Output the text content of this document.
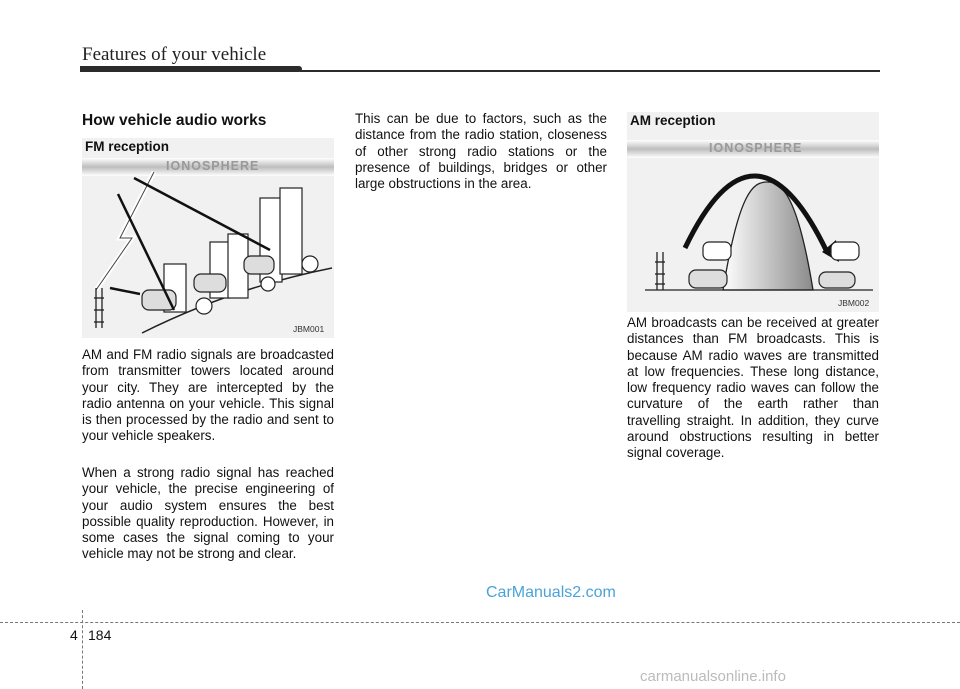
Features of your vehicle
How vehicle audio works
IONOSPHERE
FM reception
JBM001
IONOSPHERE
AM reception
JBM002

AM and FM radio signals are broadcasted from transmitter towers located around your city. They are intercepted by the radio antenna on your vehicle. This signal is then processed by the radio and sent to your vehicle speakers.

When a strong radio signal has reached your vehicle, the precise engineering of your audio system ensures the best possible quality reproduction. However, in some cases the signal coming to your vehicle may not be strong and clear.

This can be due to factors, such as the distance from the radio station, closeness of other strong radio stations or the presence of buildings, bridges or other large obstructions in the area.

AM broadcasts can be received at greater distances than FM broadcasts. This is because AM radio waves are transmitted at low frequencies. These long distance, low frequency radio waves can follow the curvature of the earth rather than travelling straight. In addition, they curve around obstructions resulting in better signal coverage.

CarManuals2.com
4 184
carmanualsonline.info
